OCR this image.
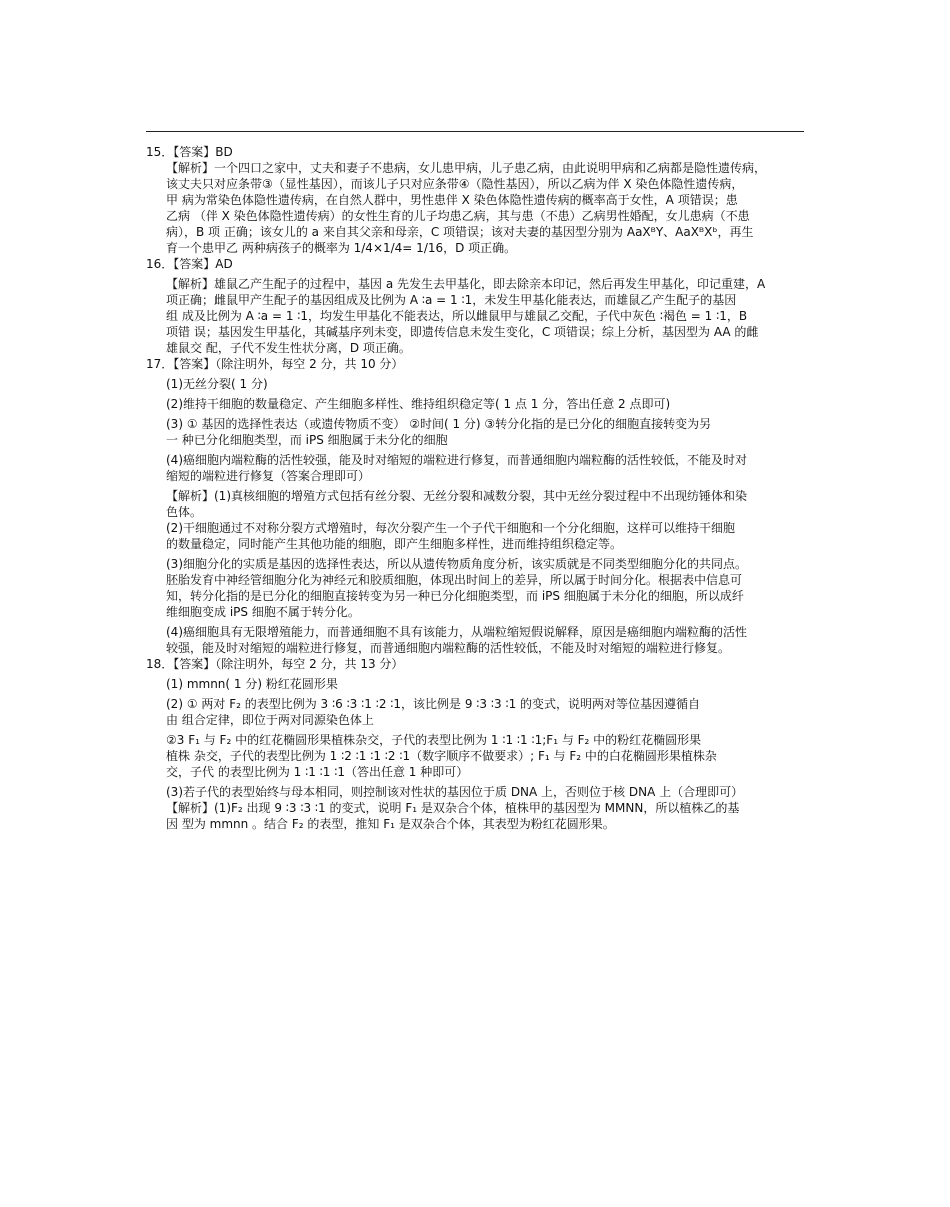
15．【答案】BD

【解析】一个四口之家中，丈夫和妻子不患病，女儿患甲病，儿子患乙病，由此说明甲病和乙病都是隐性遗传病，

该丈夫只对应条带③（显性基因），而该儿子只对应条带④（隐性基因），所以乙病为伴 X 染色体隐性遗传病，

甲 病为常染色体隐性遗传病，在自然人群中，男性患伴 X 染色体隐性遗传病的概率高于女性，A 项错误；患

乙病 （伴 X 染色体隐性遗传病）的女性生育的儿子均患乙病，其与患（不患）乙病男性婚配，女儿患病（不患

病），B 项 正确；该女儿的 a 来自其父亲和母亲，C 项错误；该对夫妻的基因型分别为 AaXᴮY、AaXᴮXᵇ，再生

育一个患甲乙 两种病孩子的概率为 1/4×1/4= 1/16，D 项正确。

16．【答案】AD

【解析】雄鼠乙产生配子的过程中，基因 a 先发生去甲基化，即去除亲本印记，然后再发生甲基化，印记重建，A

项正确；雌鼠甲产生配子的基因组成及比例为 A ∶a = 1 ∶1，未发生甲基化能表达，而雄鼠乙产生配子的基因

组 成及比例为 A ∶a = 1 ∶1，均发生甲基化不能表达，所以雌鼠甲与雄鼠乙交配，子代中灰色 ∶褐色 = 1 ∶1，B

项错 误；基因发生甲基化，其碱基序列未变，即遗传信息未发生变化，C 项错误；综上分析，基因型为 AA 的雌

雄鼠交 配，子代不发生性状分离，D 项正确。

17．【答案】（除注明外，每空 2 分，共 10 分）

(1)无丝分裂( 1 分)

(2)维持干细胞的数量稳定、产生细胞多样性、维持组织稳定等( 1 点 1 分，答出任意 2 点即可)

(3) ① 基因的选择性表达（或遗传物质不变） ②时间( 1 分) ③转分化指的是已分化的细胞直接转变为另

一 种已分化细胞类型，而 iPS 细胞属于未分化的细胞

(4)癌细胞内端粒酶的活性较强，能及时对缩短的端粒进行修复，而普通细胞内端粒酶的活性较低，不能及时对

缩短的端粒进行修复（答案合理即可）

【解析】(1)真核细胞的增殖方式包括有丝分裂、无丝分裂和减数分裂，其中无丝分裂过程中不出现纺锤体和染

色体。

(2)干细胞通过不对称分裂方式增殖时，每次分裂产生一个子代干细胞和一个分化细胞，这样可以维持干细胞

的数量稳定，同时能产生其他功能的细胞，即产生细胞多样性，进而维持组织稳定等。

(3)细胞分化的实质是基因的选择性表达，所以从遗传物质角度分析，该实质就是不同类型细胞分化的共同点。

胚胎发育中神经管细胞分化为神经元和胶质细胞，体现出时间上的差异，所以属于时间分化。根据表中信息可

知，转分化指的是已分化的细胞直接转变为另一种已分化细胞类型，而 iPS 细胞属于未分化的细胞，所以成纤

维细胞变成 iPS 细胞不属于转分化。

(4)癌细胞具有无限增殖能力，而普通细胞不具有该能力，从端粒缩短假说解释，原因是癌细胞内端粒酶的活性

较强，能及时对缩短的端粒进行修复，而普通细胞内端粒酶的活性较低，不能及时对缩短的端粒进行修复。

18．【答案】（除注明外，每空 2 分，共 13 分）

(1) mmnn( 1 分) 粉红花圆形果

(2) ① 两对 F₂ 的表型比例为 3 ∶6 ∶3 ∶1 ∶2 ∶1，该比例是 9 ∶3 ∶3 ∶1 的变式，说明两对等位基因遵循自

由 组合定律，即位于两对同源染色体上

②3 F₁ 与 F₂ 中的红花椭圆形果植株杂交，子代的表型比例为 1 ∶1 ∶1 ∶1;F₁ 与 F₂ 中的粉红花椭圆形果

植株 杂交，子代的表型比例为 1 ∶2 ∶1 ∶1 ∶2 ∶1（数字顺序不做要求）; F₁ 与 F₂ 中的白花椭圆形果植株杂

交，子代 的表型比例为 1 ∶1 ∶1 ∶1（答出任意 1 种即可）

(3)若子代的表型始终与母本相同，则控制该对性状的基因位于质 DNA 上，否则位于核 DNA 上（合理即可）

【解析】(1)F₂ 出现 9 ∶3 ∶3 ∶1 的变式，说明 F₁ 是双杂合个体，植株甲的基因型为 MMNN，所以植株乙的基

因 型为 mmnn 。结合 F₂ 的表型，推知 F₁ 是双杂合个体，其表型为粉红花圆形果。
